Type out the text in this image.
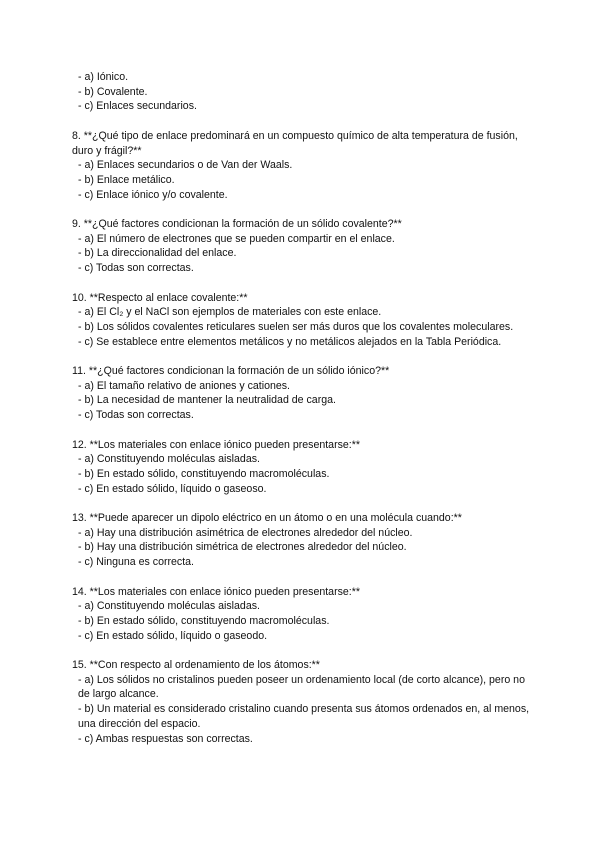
- a) Iónico.
- b) Covalente.
- c) Enlaces secundarios.
8. **¿Qué tipo de enlace predominará en un compuesto químico de alta temperatura de fusión, duro y frágil?**
- a) Enlaces secundarios o de Van der Waals.
- b) Enlace metálico.
- c) Enlace iónico y/o covalente.
9. **¿Qué factores condicionan la formación de un sólido covalente?**
- a) El número de electrones que se pueden compartir en el enlace.
- b) La direccionalidad del enlace.
- c) Todas son correctas.
10. **Respecto al enlace covalente:**
- a) El Cl₂ y el NaCl son ejemplos de materiales con este enlace.
- b) Los sólidos covalentes reticulares suelen ser más duros que los covalentes moleculares.
- c) Se establece entre elementos metálicos y no metálicos alejados en la Tabla Periódica.
11. **¿Qué factores condicionan la formación de un sólido iónico?**
- a) El tamaño relativo de aniones y cationes.
- b) La necesidad de mantener la neutralidad de carga.
- c) Todas son correctas.
12. **Los materiales con enlace iónico pueden presentarse:**
- a) Constituyendo moléculas aisladas.
- b) En estado sólido, constituyendo macromoléculas.
- c) En estado sólido, líquido o gaseoso.
13. **Puede aparecer un dipolo eléctrico en un átomo o en una molécula cuando:**
- a) Hay una distribución asimétrica de electrones alrededor del núcleo.
- b) Hay una distribución simétrica de electrones alrededor del núcleo.
- c) Ninguna es correcta.
14. **Los materiales con enlace iónico pueden presentarse:**
- a) Constituyendo moléculas aisladas.
- b) En estado sólido, constituyendo macromoléculas.
- c) En estado sólido, líquido o gaseodo.
15. **Con respecto al ordenamiento de los átomos:**
- a) Los sólidos no cristalinos pueden poseer un ordenamiento local (de corto alcance), pero no de largo alcance.
- b) Un material es considerado cristalino cuando presenta sus átomos ordenados en, al menos, una dirección del espacio.
- c) Ambas respuestas son correctas.
